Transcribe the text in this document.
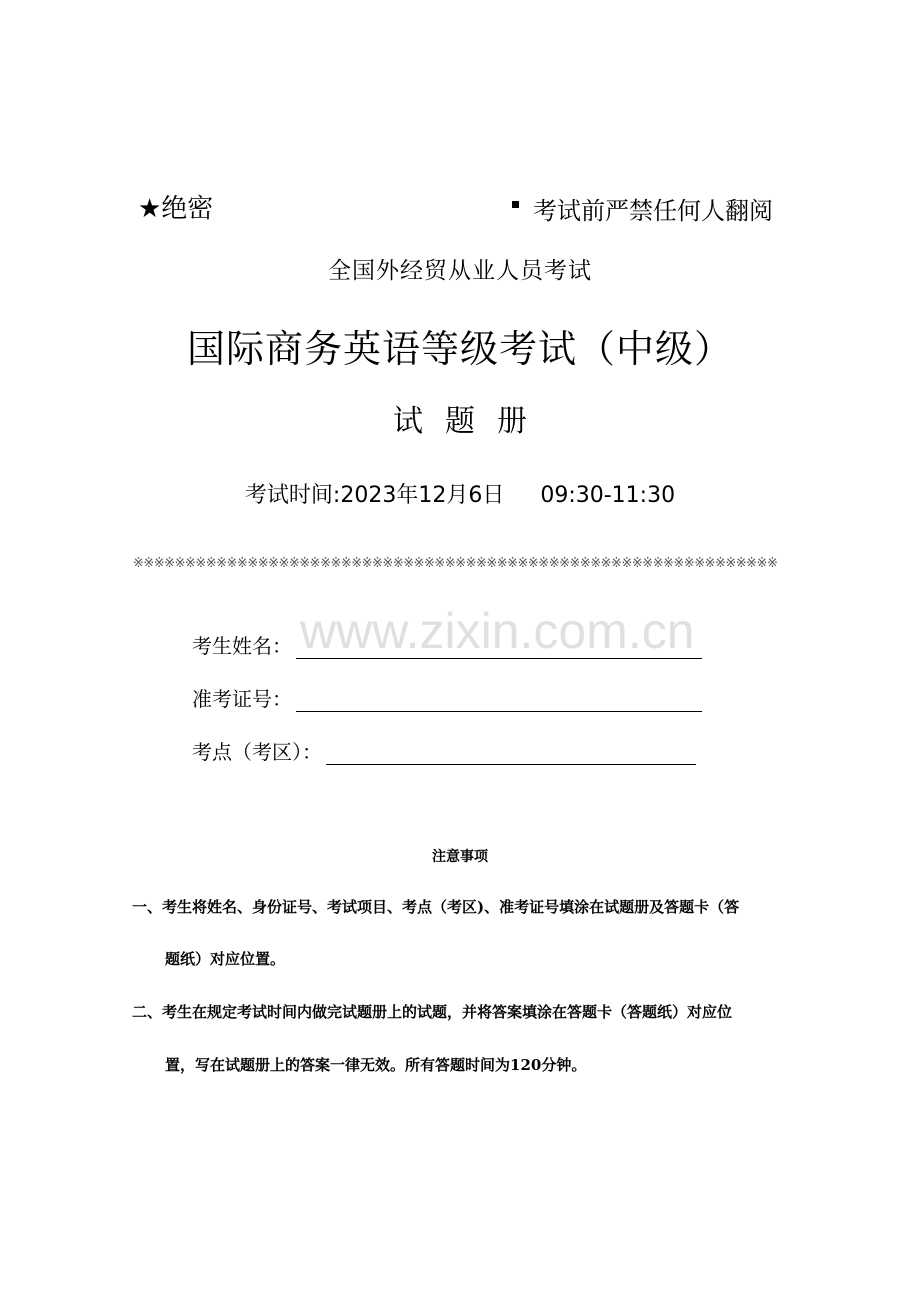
★绝密	考试前严禁任何人翻阅
全国外经贸从业人员考试
国际商务英语等级考试（中级）
试题册
考试时间:2023年12月6日 09:30-11:30
※※※※※※※※※※※※※※※※※※※※※※※※※※※※※※※※※※※※※※※※※※※※※※※※※※※※※※※※※※※※※※
www.zixin.com.cn
考生姓名：
准考证号：
考点（考区）：
注意事项
一、考生将姓名、身份证号、考试项目、考点（考区)、准考证号填涂在试题册及答题卡（答
题纸）对应位置。
二、考生在规定考试时间内做完试题册上的试题，并将答案填涂在答题卡（答题纸）对应位
置，写在试题册上的答案一律无效。所有答题时间为120分钟。
